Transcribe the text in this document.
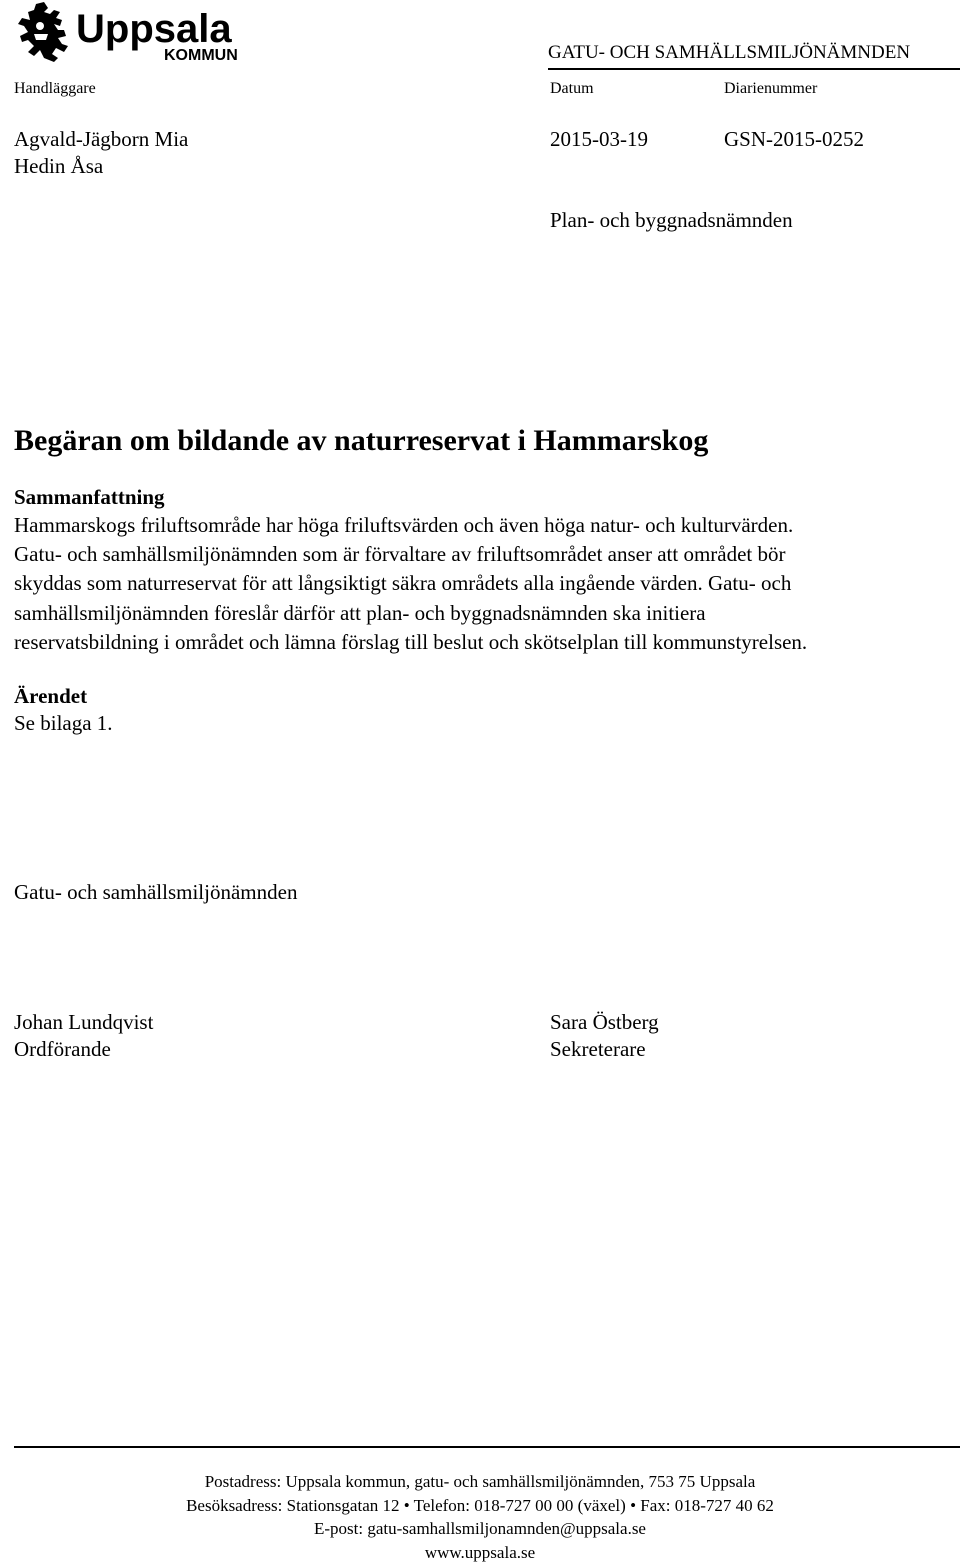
Uppsala
KOMMUN	GATU- OCH SAMHÄLLSMILJÖNÄMNDEN
Handläggare
Agvald-Jägborn Mia
Hedin Åsa
Datum
2015-03-19
Diarienummer
GSN-2015-0252
Plan- och byggnadsnämnden
Begäran om bildande av naturreservat i Hammarskog
Sammanfattning
Hammarskogs friluftsområde har höga friluftsvärden och även höga natur- och kulturvärden.
Gatu- och samhällsmiljönämnden som är förvaltare av friluftsområdet anser att området bör
skyddas som naturreservat för att långsiktigt säkra områdets alla ingående värden. Gatu- och
samhällsmiljönämnden föreslår därför att plan- och byggnadsnämnden ska initiera
reservatsbildning i området och lämna förslag till beslut och skötselplan till kommunstyrelsen.
Ärendet
Se bilaga 1.
Gatu- och samhällsmiljönämnden
Johan Lundqvist
Ordförande
Sara Östberg
Sekreterare
Postadress: Uppsala kommun, gatu- och samhällsmiljönämnden, 753 75 Uppsala
Besöksadress: Stationsgatan 12 • Telefon: 018-727 00 00 (växel) • Fax: 018-727 40 62
E-post: gatu-samhallsmiljonamnden@uppsala.se
www.uppsala.se
